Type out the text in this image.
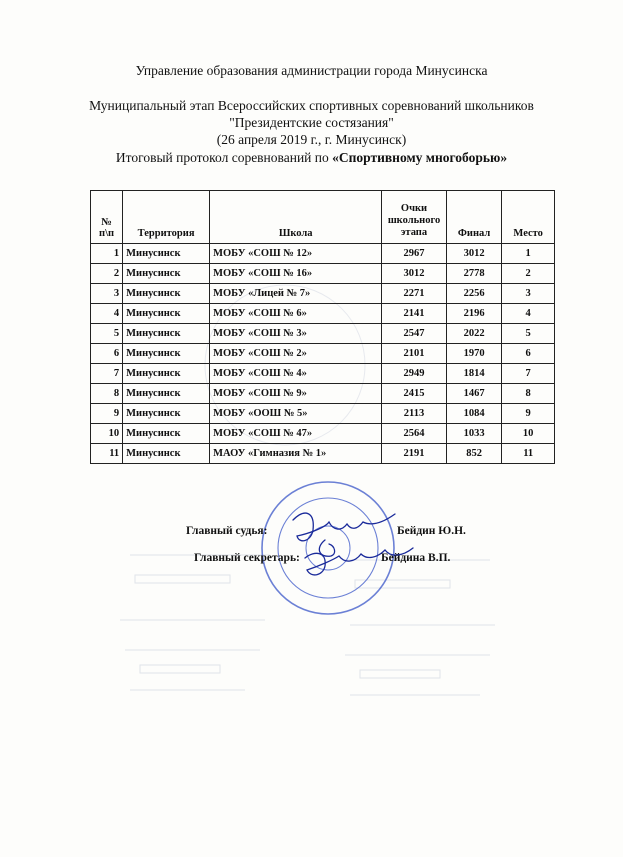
Управление образования администрации города Минусинска
Муниципальный этап Всероссийских спортивных соревнований школьников
"Президентские состязания"
(26 апреля 2019 г., г. Минусинск)
Итоговый протокол соревнований по «Спортивному многоборью»
№ п\п	Территория	Школа	Очки школьного этапа	Финал	Место
1	Минусинск	МОБУ «СОШ № 12»	2967	3012	1
2	Минусинск	МОБУ «СОШ № 16»	3012	2778	2
3	Минусинск	МОБУ «Лицей № 7»	2271	2256	3
4	Минусинск	МОБУ «СОШ № 6»	2141	2196	4
5	Минусинск	МОБУ «СОШ № 3»	2547	2022	5
6	Минусинск	МОБУ «СОШ № 2»	2101	1970	6
7	Минусинск	МОБУ «СОШ № 4»	2949	1814	7
8	Минусинск	МОБУ «СОШ № 9»	2415	1467	8
9	Минусинск	МОБУ «ООШ № 5»	2113	1084	9
10	Минусинск	МОБУ «СОШ № 47»	2564	1033	10
11	Минусинск	МАОУ «Гимназия № 1»	2191	852	11
Главный судья:	Бейдин Ю.Н.
Главный секретарь:	Бейдина В.П.
